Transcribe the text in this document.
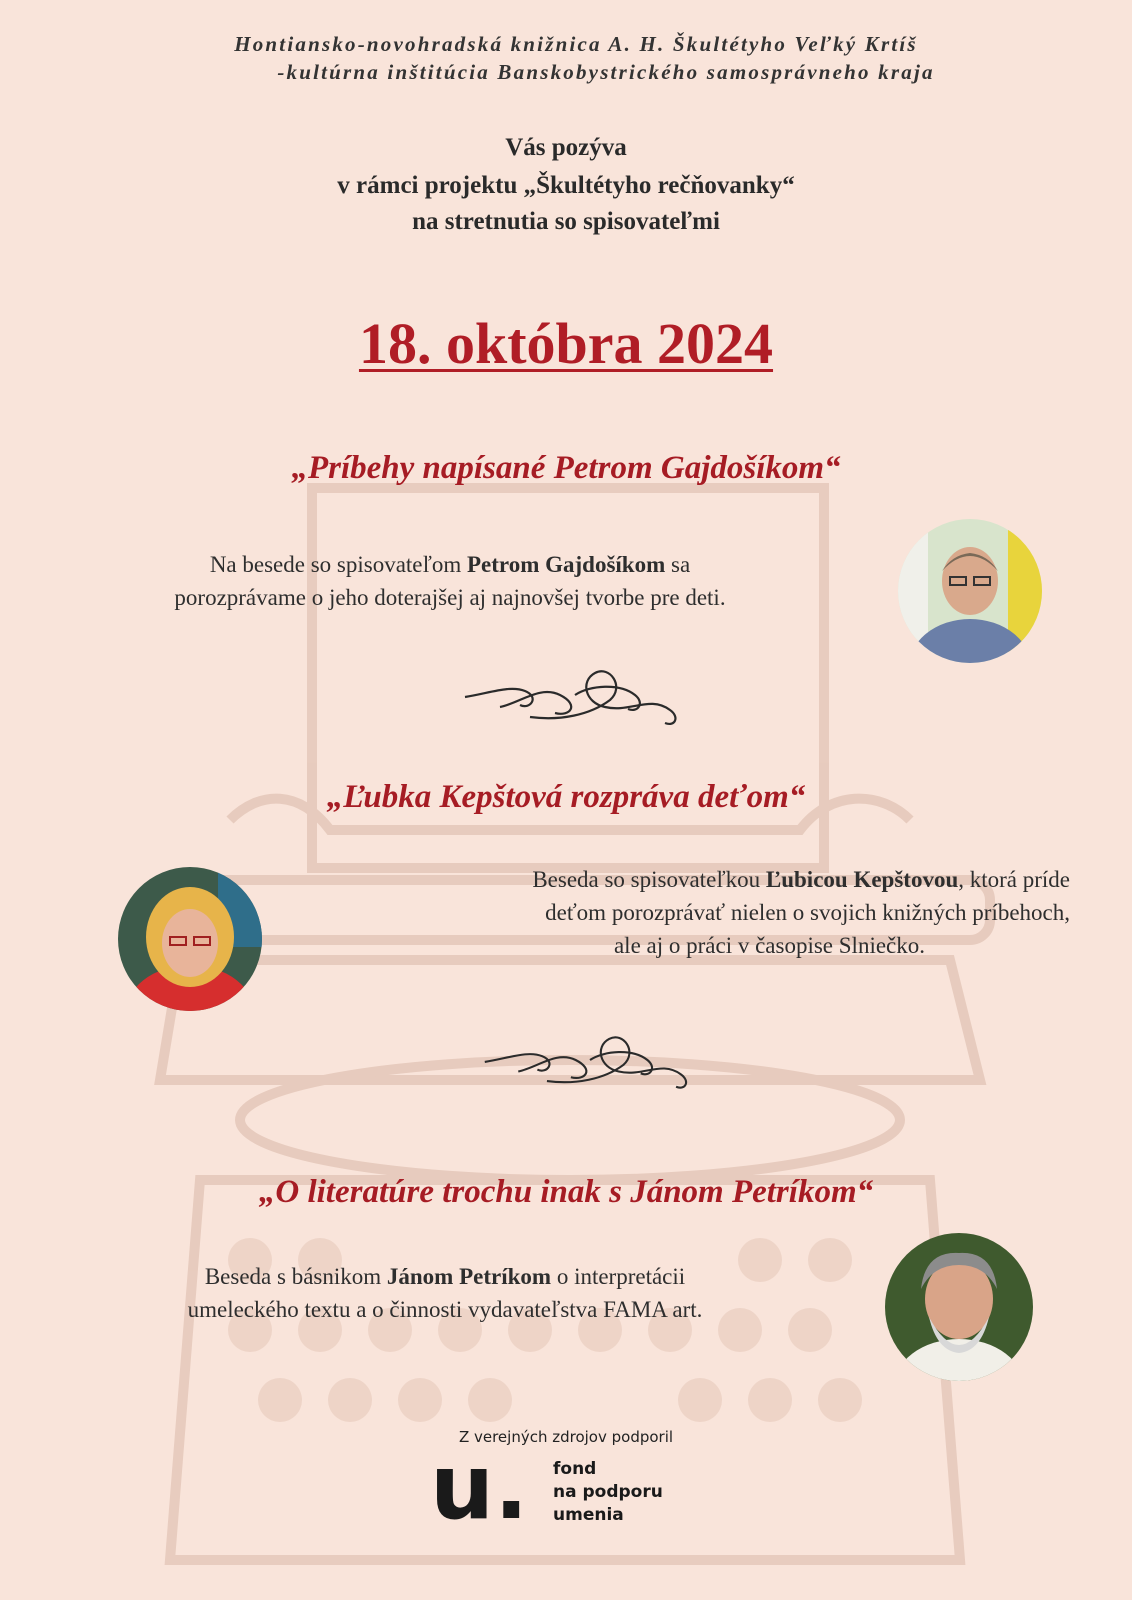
Hontiansko-novohradská knižnica A. H. Škultétyho Veľký Krtíš
-kultúrna inštitúcia Banskobystrického samosprávneho kraja
Vás pozýva
v rámci projektu „Škultétyho rečňovanky“
na stretnutia so spisovateľmi
18. októbra 2024
„Príbehy napísané Petrom Gajdošíkom“
Na besede so spisovateľom Petrom Gajdošíkom sa
porozprávame o jeho doterajšej aj najnovšej tvorbe pre deti.
„Ľubka Kepštová rozpráva deťom“
Beseda so spisovateľkou Ľubicou Kepštovou, ktorá príde
deťom porozprávať nielen o svojich knižných príbehoch,
ale aj o práci v časopise Slniečko.
„O literatúre trochu inak s Jánom Petríkom“
Beseda s básnikom Jánom Petríkom o interpretácii
umeleckého textu a o činnosti vydavateľstva FAMA art.
Z verejných zdrojov podporil
u. fond
na podporu
umenia
